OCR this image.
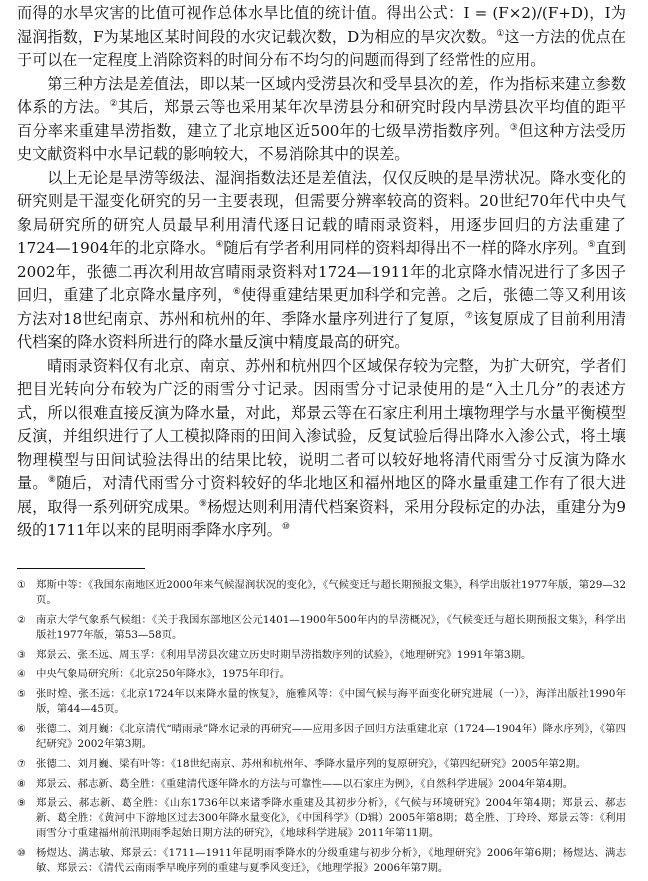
而得的水旱灾害的比值可视作总体水旱比值的统计值。得出公式：I = (F×2)/(F+D)，I为湿润指数，F为某地区某时间段的水灾记载次数，D为相应的旱灾次数。①这一方法的优点在于可以在一定程度上消除资料的时间分布不均匀的问题而得到了经常性的应用。

第三种方法是差值法，即以某一区域内受涝县次和受旱县次的差，作为指标来建立参数体系的方法。②其后，郑景云等也采用某年次旱涝县分和研究时段内旱涝县次平均值的距平百分率来重建旱涝指数，建立了北京地区近500年的七级旱涝指数序列。③但这种方法受历史文献资料中水旱记载的影响较大，不易消除其中的误差。

以上无论是旱涝等级法、湿润指数法还是差值法，仅仅反映的是旱涝状况。降水变化的研究则是干湿变化研究的另一主要表现，但需要分辨率较高的资料。20世纪70年代中央气象局研究所的研究人员最早利用清代逐日记载的晴雨录资料，用逐步回归的方法重建了1724—1904年的北京降水。④随后有学者利用同样的资料却得出不一样的降水序列。⑤直到2002年，张德二再次利用故宫晴雨录资料对1724—1911年的北京降水情况进行了多因子回归，重建了北京降水量序列，⑥使得重建结果更加科学和完善。之后，张德二等又利用该方法对18世纪南京、苏州和杭州的年、季降水量序列进行了复原，⑦该复原成了目前利用清代档案的降水资料所进行的降水量反演中精度最高的研究。

晴雨录资料仅有北京、南京、苏州和杭州四个区域保存较为完整，为扩大研究，学者们把目光转向分布较为广泛的雨雪分寸记录。因雨雪分寸记录使用的是“入土几分”的表述方式，所以很难直接反演为降水量，对此，郑景云等在石家庄利用土壤物理学与水量平衡模型反演，并组织进行了人工模拟降雨的田间入渗试验，反复试验后得出降水入渗公式，将土壤物理模型与田间试验法得出的结果比较，说明二者可以较好地将清代雨雪分寸反演为降水量。⑧随后，对清代雨雪分寸资料较好的华北地区和福州地区的降水量重建工作有了很大进展，取得一系列研究成果。⑨杨煜达则利用清代档案资料，采用分段标定的办法，重建分为9级的1711年以来的昆明雨季降水序列。⑩

① 郑斯中等：《我国东南地区近2000年来气候湿润状况的变化》，《气候变迁与超长期预报文集》，科学出版社1977年版，第29—32页。
② 南京大学气象系气候组：《关于我国东部地区公元1401—1900年500年内的旱涝概况》，《气候变迁与超长期预报文集》，科学出版社1977年版，第53—58页。
③ 郑景云、张丕远、周玉孚：《利用旱涝县次建立历史时期旱涝指数序列的试验》，《地理研究》1991年第3期。
④ 中央气象局研究所：《北京250年降水》，1975年印行。
⑤ 张时煌、张丕远：《北京1724年以来降水量的恢复》，施雅风等：《中国气候与海平面变化研究进展（一）》，海洋出版社1990年版，第44—45页。
⑥ 张德二、刘月巍：《北京清代“晴雨录”降水记录的再研究——应用多因子回归方法重建北京（1724—1904年）降水序列》，《第四纪研究》2002年第3期。
⑦ 张德二、刘月巍、梁有叶等：《18世纪南京、苏州和杭州年、季降水量序列的复原研究》，《第四纪研究》2005年第2期。
⑧ 郑景云、郝志新、葛全胜：《重建清代逐年降水的方法与可靠性——以石家庄为例》，《自然科学进展》2004年第4期。
⑨ 郑景云、郝志新、葛全胜：《山东1736年以来诸季降水重建及其初步分析》，《气候与环境研究》2004年第4期；郑景云、郝志新、葛全胜：《黄河中下游地区过去300年降水量变化》，《中国科学》（D辑）2005年第8期；葛全胜、丁玲玲、郑景云等：《利用雨雪分寸重建福州前汛期雨季起始日期方法的研究》，《地球科学进展》2011年第11期。
⑩ 杨煜达、满志敏、郑景云：《1711—1911年昆明雨季降水的分级重建与初步分析》，《地理研究》2006年第6期；杨煜达、满志敏、郑景云：《清代云南雨季早晚序列的重建与夏季风变迁》，《地理学报》2006年第7期。
